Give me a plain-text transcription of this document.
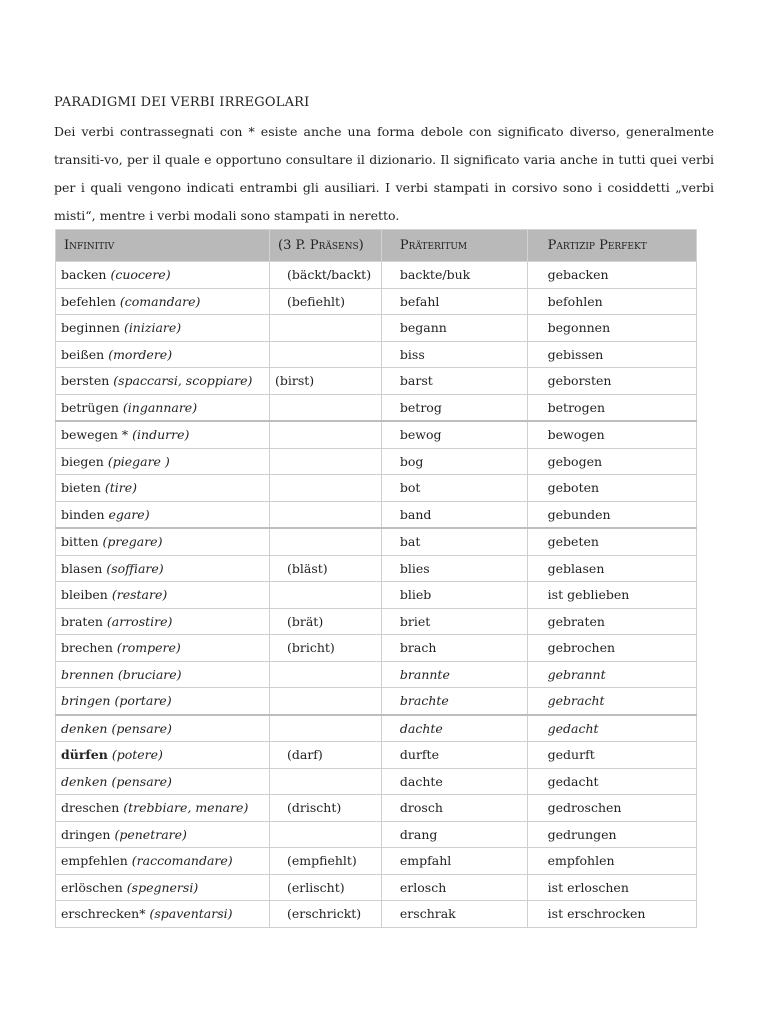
PARADIGMI DEI VERBI IRREGOLARI
Dei verbi contrassegnati con * esiste anche una forma debole con significato diverso, generalmente transiti-vo, per il quale e opportuno consultare il dizionario. Il significato varia anche in tutti quei verbi per i quali vengono indicati entrambi gli ausiliari. I verbi stampati in corsivo sono i cosiddetti „verbi misti“, mentre i verbi modali sono stampati in neretto.
Infinitiv	(3 P. Präsens)	Präteritum	Partizip Perfekt
backen (cuocere)	(bäckt/backt)	backte/buk	gebacken
befehlen (comandare)	(befiehlt)	befahl	befohlen
beginnen (iniziare)		begann	begonnen
beißen (mordere)		biss	gebissen
bersten (spaccarsi, scoppiare)	(birst)	barst	geborsten
betrügen (ingannare)		betrog	betrogen
bewegen * (indurre)		bewog	bewogen
biegen (piegare )		bog	gebogen
bieten (tire)		bot	geboten
binden egare)		band	gebunden
bitten (pregare)		bat	gebeten
blasen (soffiare)	(bläst)	blies	geblasen
bleiben (restare)		blieb	ist geblieben
braten (arrostire)	(brät)	briet	gebraten
brechen (rompere)	(bricht)	brach	gebrochen
brennen (bruciare)		brannte	gebrannt
bringen (portare)		brachte	gebracht
denken (pensare)		dachte	gedacht
dürfen (potere)	(darf)	durfte	gedurft
denken (pensare)		dachte	gedacht
dreschen (trebbiare, menare)	(drischt)	drosch	gedroschen
dringen (penetrare)		drang	gedrungen
empfehlen (raccomandare)	(empfiehlt)	empfahl	empfohlen
erlöschen (spegnersi)	(erlischt)	erlosch	ist erloschen
erschrecken* (spaventarsi)	(erschrickt)	erschrak	ist erschrocken
